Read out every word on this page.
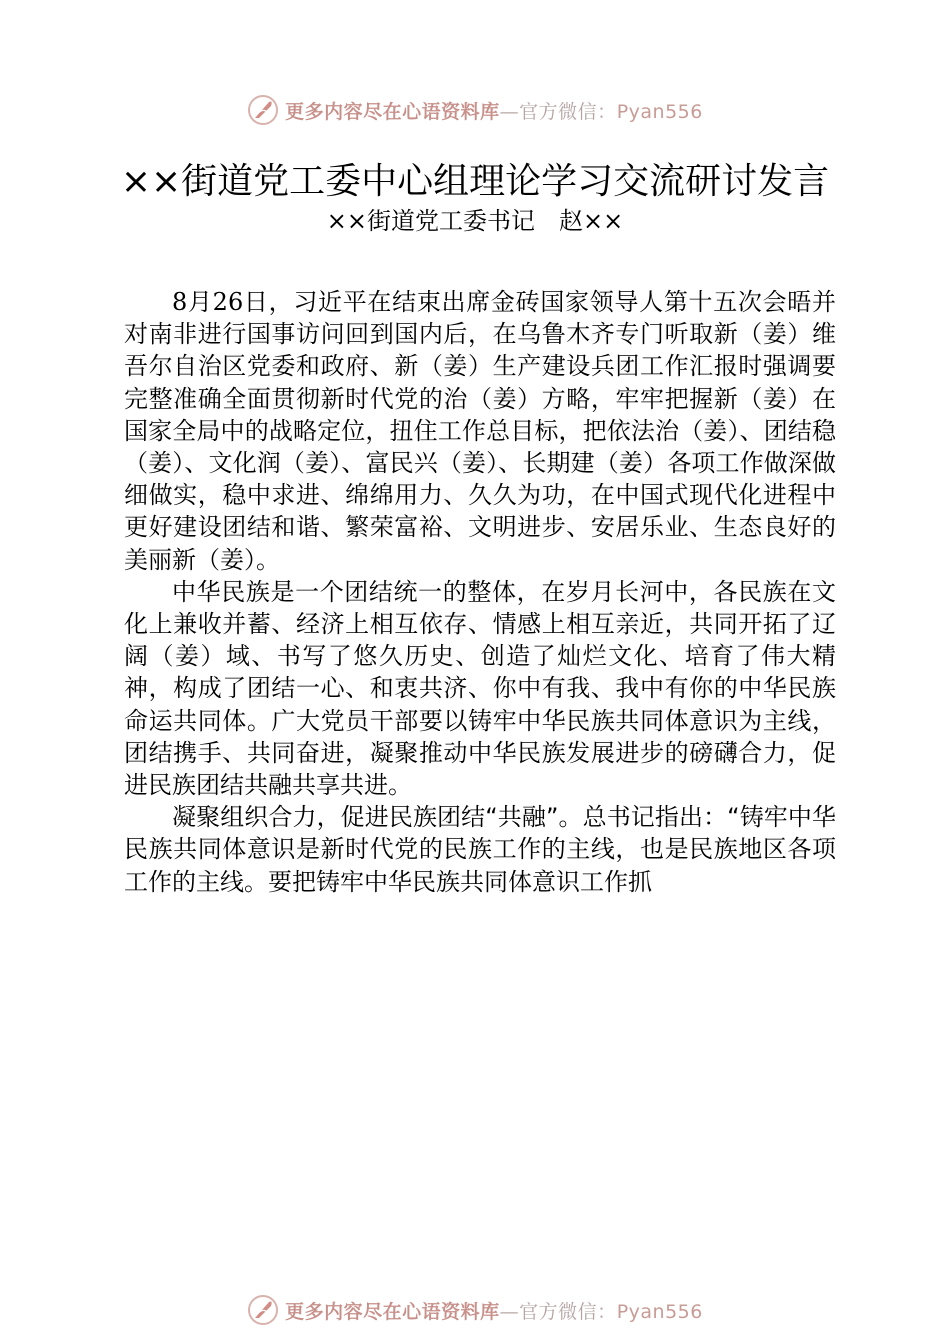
更多内容尽在心语资料库—官方微信：Pyan556
××街道党工委中心组理论学习交流研讨发言
××街道党工委书记　赵××

8月26日，习近平在结束出席金砖国家领导人第十五次会晤并对南非进行国事访问回到国内后，在乌鲁木齐专门听取新（姜）维吾尔自治区党委和政府、新（姜）生产建设兵团工作汇报时强调要完整准确全面贯彻新时代党的治（姜）方略，牢牢把握新（姜）在国家全局中的战略定位，扭住工作总目标，把依法治（姜）、团结稳（姜）、文化润（姜）、富民兴（姜）、长期建（姜）各项工作做深做细做实，稳中求进、绵绵用力、久久为功，在中国式现代化进程中更好建设团结和谐、繁荣富裕、文明进步、安居乐业、生态良好的美丽新（姜）。

中华民族是一个团结统一的整体，在岁月长河中，各民族在文化上兼收并蓄、经济上相互依存、情感上相互亲近，共同开拓了辽阔（姜）域、书写了悠久历史、创造了灿烂文化、培育了伟大精神，构成了团结一心、和衷共济、你中有我、我中有你的中华民族命运共同体。广大党员干部要以铸牢中华民族共同体意识为主线，团结携手、共同奋进，凝聚推动中华民族发展进步的磅礴合力，促进民族团结共融共享共进。

凝聚组织合力，促进民族团结“共融”。总书记指出：“铸牢中华民族共同体意识是新时代党的民族工作的主线，也是民族地区各项工作的主线。要把铸牢中华民族共同体意识工作抓

更多内容尽在心语资料库—官方微信：Pyan556
